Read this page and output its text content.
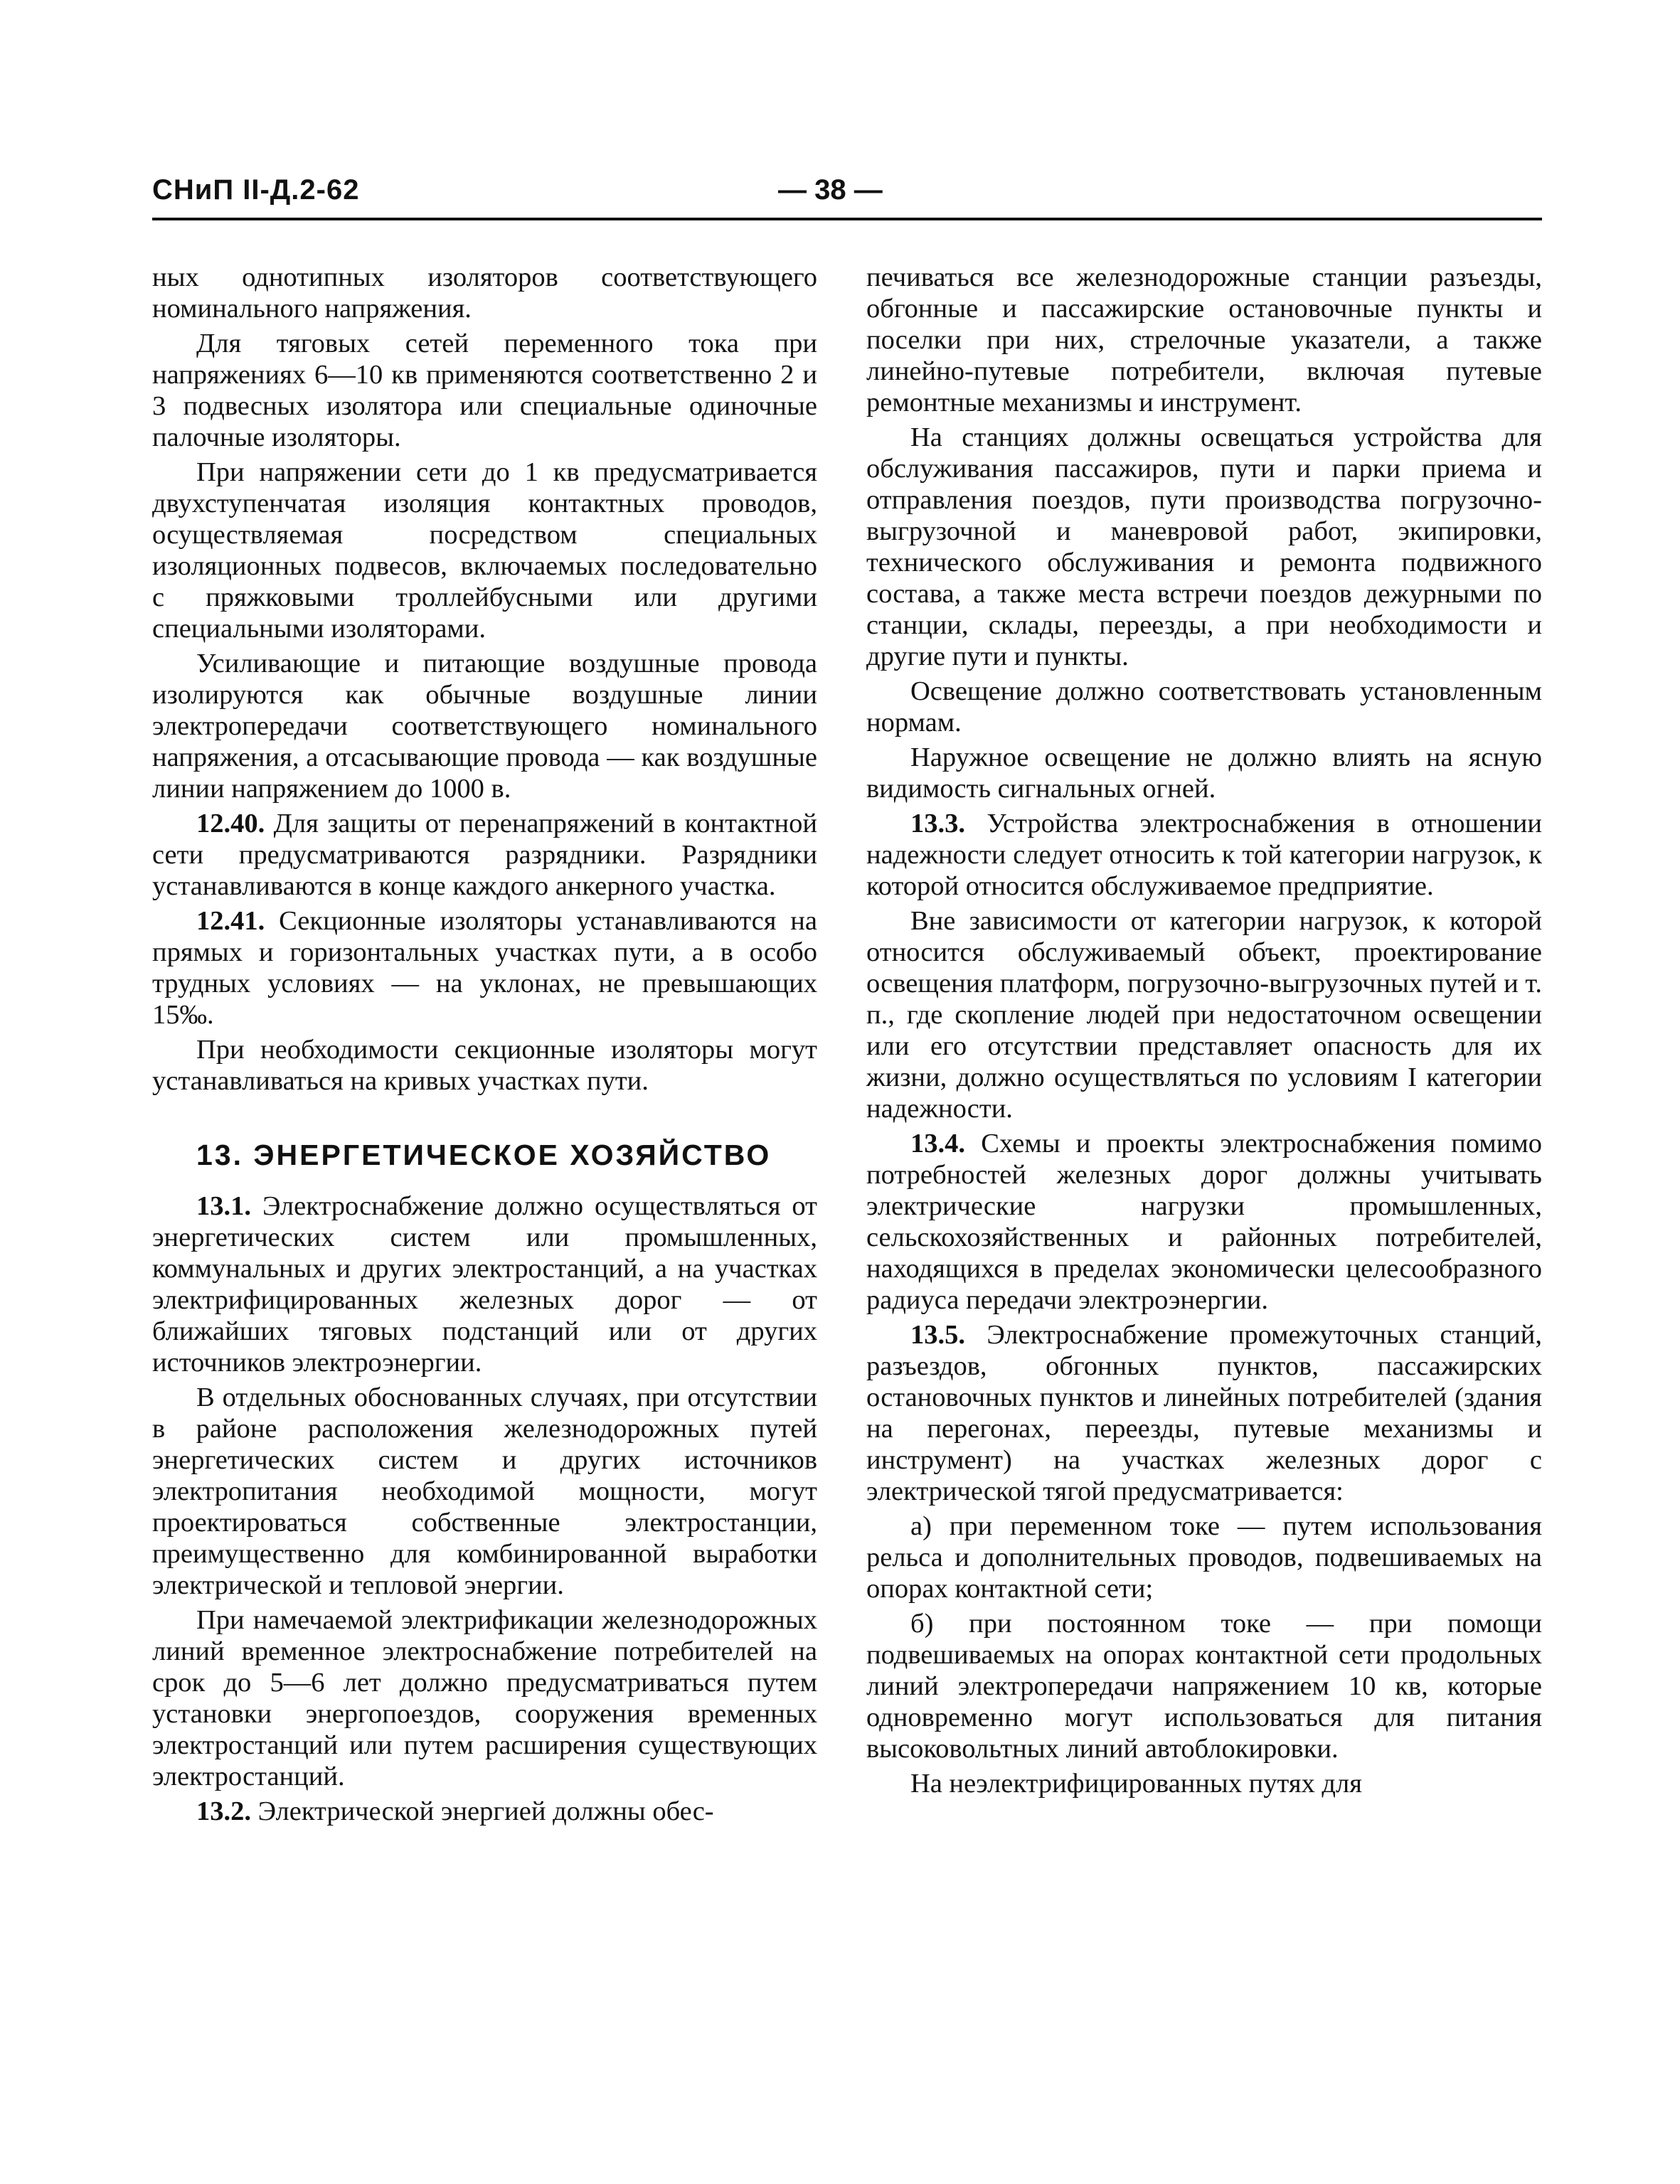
СНиП II-Д.2-62	— 38 —

ных однотипных изоляторов соответствующего номинального напряжения.

Для тяговых сетей переменного тока при напряжениях 6—10 кв применяются соответственно 2 и 3 подвесных изолятора или специальные одиночные палочные изоляторы.

При напряжении сети до 1 кв предусматривается двухступенчатая изоляция контактных проводов, осуществляемая посредством специальных изоляционных подвесов, включаемых последовательно с пряжковыми троллейбусными или другими специальными изоляторами.

Усиливающие и питающие воздушные провода изолируются как обычные воздушные линии электропередачи соответствующего номинального напряжения, а отсасывающие провода — как воздушные линии напряжением до 1000 в.

12.40. Для защиты от перенапряжений в контактной сети предусматриваются разрядники. Разрядники устанавливаются в конце каждого анкерного участка.

12.41. Секционные изоляторы устанавливаются на прямых и горизонтальных участках пути, а в особо трудных условиях — на уклонах, не превышающих 15‰.

При необходимости секционные изоляторы могут устанавливаться на кривых участках пути.

13. ЭНЕРГЕТИЧЕСКОЕ ХОЗЯЙСТВО

13.1. Электроснабжение должно осуществляться от энергетических систем или промышленных, коммунальных и других электростанций, а на участках электрифицированных железных дорог — от ближайших тяговых подстанций или от других источников электроэнергии.

В отдельных обоснованных случаях, при отсутствии в районе расположения железнодорожных путей энергетических систем и других источников электропитания необходимой мощности, могут проектироваться собственные электростанции, преимущественно для комбинированной выработки электрической и тепловой энергии.

При намечаемой электрификации железнодорожных линий временное электроснабжение потребителей на срок до 5—6 лет должно предусматриваться путем установки энергопоездов, сооружения временных электростанций или путем расширения существующих электростанций.

13.2. Электрической энергией должны обес-

печиваться все железнодорожные станции разъезды, обгонные и пассажирские остановочные пункты и поселки при них, стрелочные указатели, а также линейно-путевые потребители, включая путевые ремонтные механизмы и инструмент.

На станциях должны освещаться устройства для обслуживания пассажиров, пути и парки приема и отправления поездов, пути производства погрузочно-выгрузочной и маневровой работ, экипировки, технического обслуживания и ремонта подвижного состава, а также места встречи поездов дежурными по станции, склады, переезды, а при необходимости и другие пути и пункты.

Освещение должно соответствовать установленным нормам.

Наружное освещение не должно влиять на ясную видимость сигнальных огней.

13.3. Устройства электроснабжения в отношении надежности следует относить к той категории нагрузок, к которой относится обслуживаемое предприятие.

Вне зависимости от категории нагрузок, к которой относится обслуживаемый объект, проектирование освещения платформ, погрузочно-выгрузочных путей и т. п., где скопление людей при недостаточном освещении или его отсутствии представляет опасность для их жизни, должно осуществляться по условиям I категории надежности.

13.4. Схемы и проекты электроснабжения помимо потребностей железных дорог должны учитывать электрические нагрузки промышленных, сельскохозяйственных и районных потребителей, находящихся в пределах экономически целесообразного радиуса передачи электроэнергии.

13.5. Электроснабжение промежуточных станций, разъездов, обгонных пунктов, пассажирских остановочных пунктов и линейных потребителей (здания на перегонах, переезды, путевые механизмы и инструмент) на участках железных дорог с электрической тягой предусматривается:

а) при переменном токе — путем использования рельса и дополнительных проводов, подвешиваемых на опорах контактной сети;

б) при постоянном токе — при помощи подвешиваемых на опорах контактной сети продольных линий электропередачи напряжением 10 кв, которые одновременно могут использоваться для питания высоковольтных линий автоблокировки.

На неэлектрифицированных путях для
